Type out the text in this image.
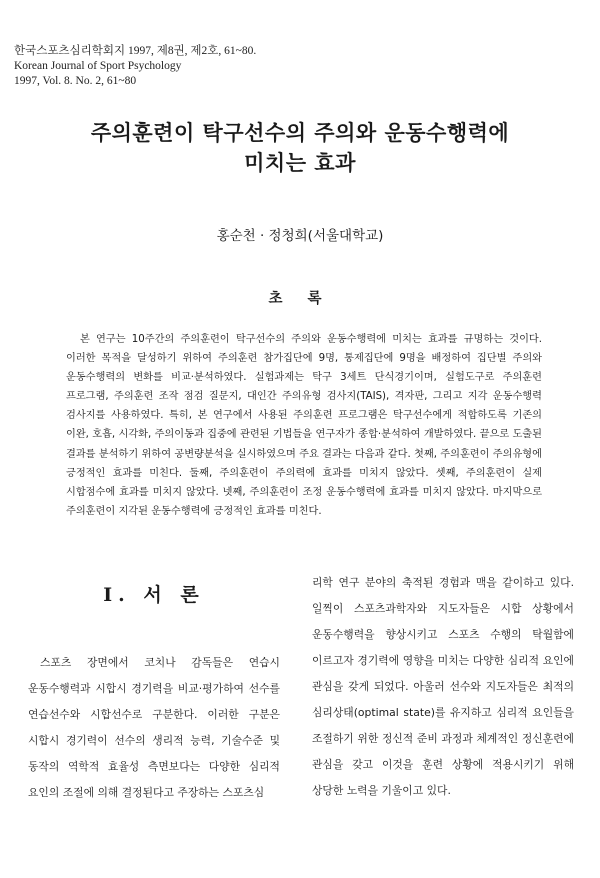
한국스포츠심리학회지 1997, 제8권, 제2호, 61~80.
Korean Journal of Sport Psychology
1997, Vol. 8. No. 2, 61~80
주의훈련이 탁구선수의 주의와 운동수행력에
미치는 효과
홍순천 · 정청희(서울대학교)
초 록
본 연구는 10주간의 주의훈련이 탁구선수의 주의와 운동수행력에 미치는 효과를 규명하는 것이다. 이러한 목적을 달성하기 위하여 주의훈련 참가집단에 9명, 통제집단에 9명을 배정하여 집단별 주의와 운동수행력의 변화를 비교·분석하였다. 실험과제는 탁구 3세트 단식경기이며, 실험도구로 주의훈련 프로그램, 주의훈련 조작 점검 질문지, 대인간 주의유형 검사지(TAIS), 격자판, 그리고 지각 운동수행력 검사지를 사용하였다. 특히, 본 연구에서 사용된 주의훈련 프로그램은 탁구선수에게 적합하도록 기존의 이완, 호흡, 시각화, 주의이동과 집중에 관련된 기법들을 연구자가 종합·분석하여 개발하였다. 끝으로 도출된 결과를 분석하기 위하여 공변량분석을 실시하였으며 주요 결과는 다음과 같다. 첫째, 주의훈련이 주의유형에 긍정적인 효과를 미친다. 둘째, 주의훈련이 주의력에 효과를 미치지 않았다. 셋째, 주의훈련이 실제 시합점수에 효과를 미치지 않았다. 넷째, 주의훈련이 조정 운동수행력에 효과를 미치지 않았다. 마지막으로 주의훈련이 지각된 운동수행력에 긍정적인 효과를 미친다.
I. 서 론
스포츠 장면에서 코치나 감독들은 연습시 운동수행력과 시합시 경기력을 비교·평가하여 선수를 연습선수와 시합선수로 구분한다. 이러한 구분은 시합시 경기력이 선수의 생리적 능력, 기술수준 및 동작의 역학적 효율성 측면보다는 다양한 심리적 요인의 조절에 의해 결정된다고 주장하는 스포츠심
리학 연구 분야의 축적된 경험과 맥을 같이하고 있다. 일찍이 스포츠과학자와 지도자들은 시합 상황에서 운동수행력을 향상시키고 스포츠 수행의 탁월함에 이르고자 경기력에 영향을 미치는 다양한 심리적 요인에 관심을 갖게 되었다. 아울러 선수와 지도자들은 최적의 심리상태(optimal state)를 유지하고 심리적 요인들을 조절하기 위한 정신적 준비 과정과 체계적인 정신훈련에 관심을 갖고 이것을 훈련 상황에 적용시키기 위해 상당한 노력을 기울이고 있다.
